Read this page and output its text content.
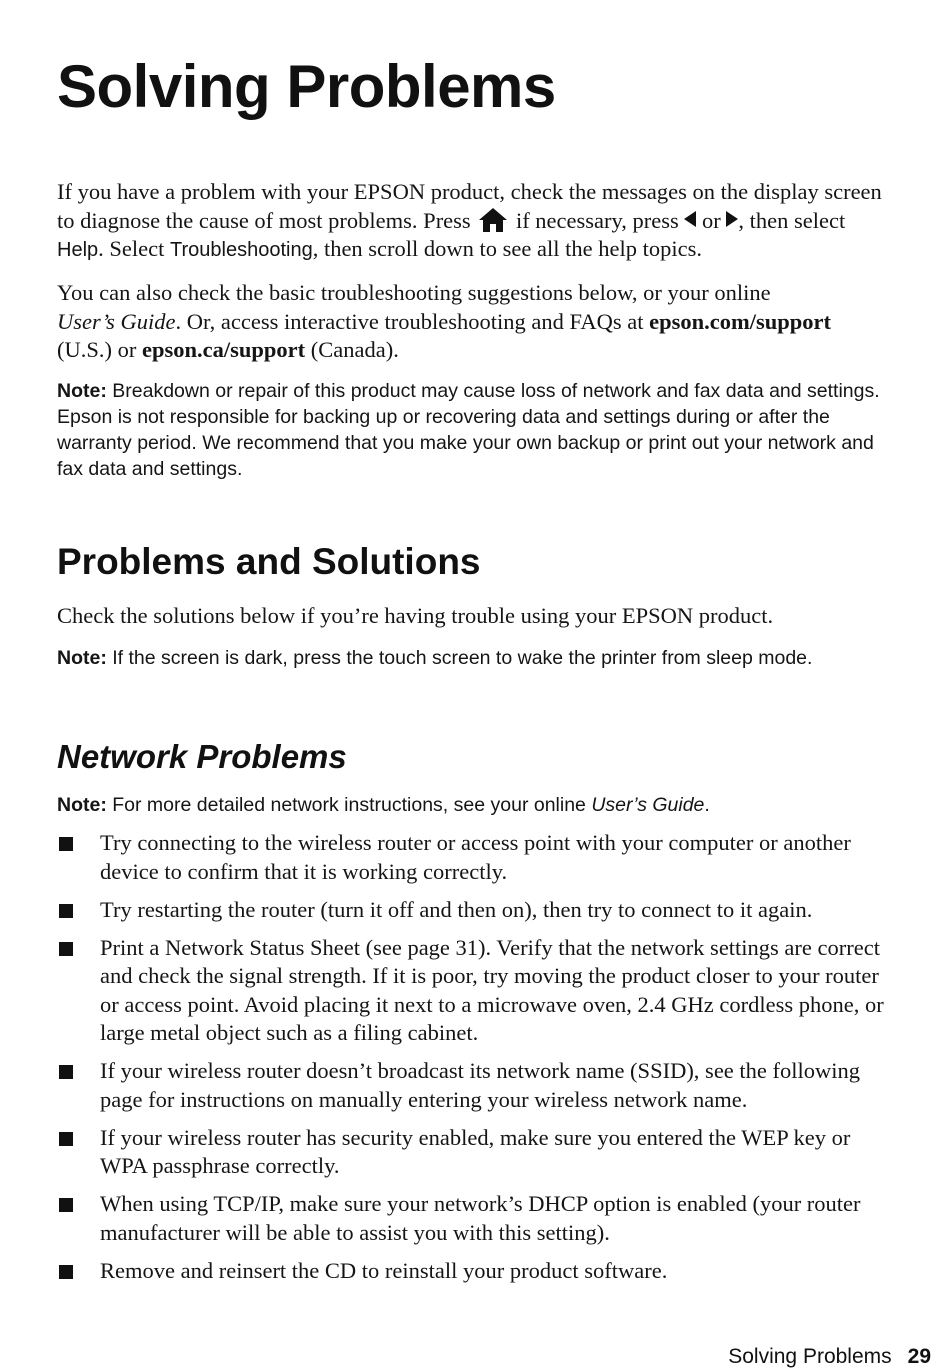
Solving Problems

If you have a problem with your EPSON product, check the messages on the display screen to diagnose the cause of most problems. Press if necessary, press or , then select Help. Select Troubleshooting, then scroll down to see all the help topics.

You can also check the basic troubleshooting suggestions below, or your online
User’s Guide. Or, access interactive troubleshooting and FAQs at epson.com/support
(U.S.) or epson.ca/support (Canada).

Note: Breakdown or repair of this product may cause loss of network and fax data and settings. Epson is not responsible for backing up or recovering data and settings during or after the warranty period. We recommend that you make your own backup or print out your network and fax data and settings.

Problems and Solutions

Check the solutions below if you’re having trouble using your EPSON product.

Note: If the screen is dark, press the touch screen to wake the printer from sleep mode.

Network Problems

Note: For more detailed network instructions, see your online User’s Guide.

Try connecting to the wireless router or access point with your computer or another device to confirm that it is working correctly.
Try restarting the router (turn it off and then on), then try to connect to it again.
Print a Network Status Sheet (see page 31). Verify that the network settings are correct and check the signal strength. If it is poor, try moving the product closer to your router or access point. Avoid placing it next to a microwave oven, 2.4 GHz cordless phone, or large metal object such as a filing cabinet.
If your wireless router doesn’t broadcast its network name (SSID), see the following page for instructions on manually entering your wireless network name.
If your wireless router has security enabled, make sure you entered the WEP key or WPA passphrase correctly.
When using TCP/IP, make sure your network’s DHCP option is enabled (your router manufacturer will be able to assist you with this setting).
Remove and reinsert the CD to reinstall your product software.
Solving Problems 29
